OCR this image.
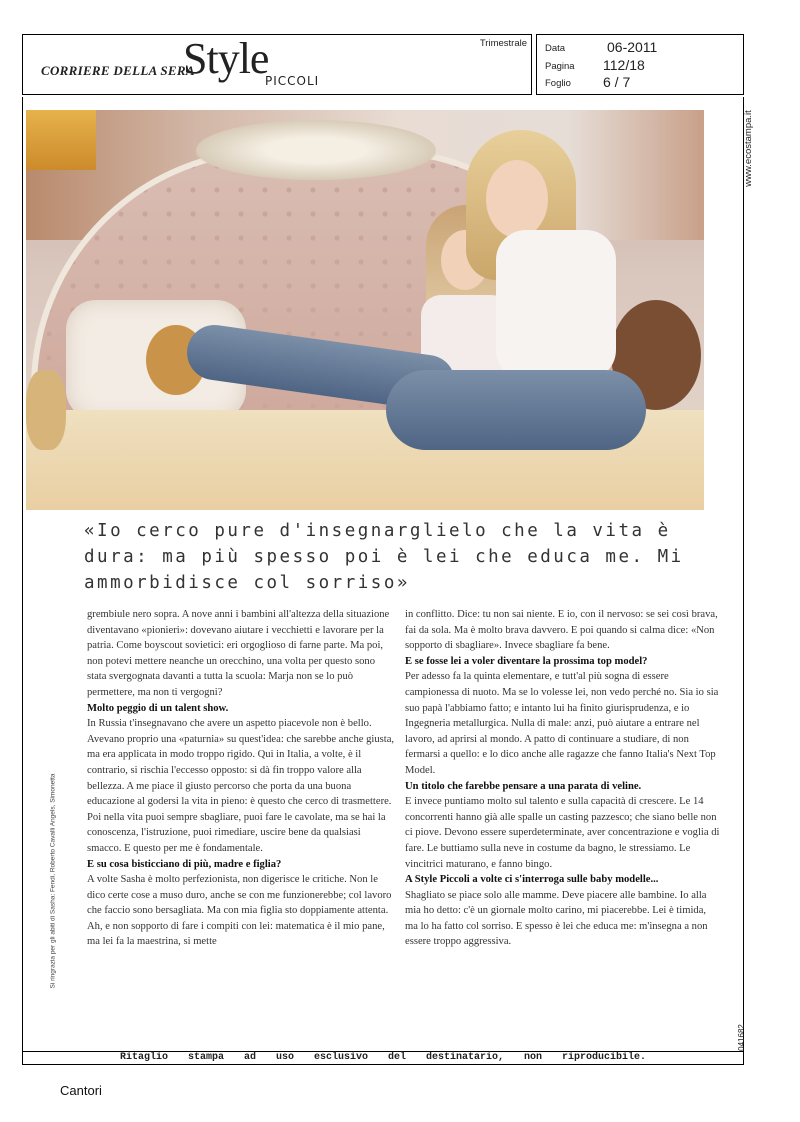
CORRIERE DELLA SERA
Style
PICCOLI
Trimestrale Data	06-2011
Pagina 112/18
Foglio 6 / 7
www.ecostampa.it
041682
«Io cerco pure d'insegnarglielo che la vita è dura: ma più spesso poi è lei che educa me. Mi ammorbidisce col sorriso»
Si ringrazia per gli abiti di Sasha: Fendi, Roberto Cavalli Angels, Simonetta

grembiule nero sopra. A nove anni i bambini all'altezza della situazione diventavano «pionieri»: dovevano aiutare i vecchietti e lavorare per la patria. Come boyscout sovietici: eri orgoglioso di farne parte. Ma poi, non potevi mettere neanche un orecchino, una volta per questo sono stata svergognata davanti a tutta la scuola: Marja non se lo può permettere, ma non ti vergogni?

Molto peggio di un talent show.

In Russia t'insegnavano che avere un aspetto piacevole non è bello. Avevano proprio una «paturnia» su quest'idea: che sarebbe anche giusta, ma era applicata in modo troppo rigido. Qui in Italia, a volte, è il contrario, si rischia l'eccesso opposto: si dà fin troppo valore alla bellezza. A me piace il giusto percorso che porta da una buona educazione al godersi la vita in pieno: è questo che cerco di trasmettere. Poi nella vita puoi sempre sbagliare, puoi fare le cavolate, ma se hai la conoscenza, l'istruzione, puoi rimediare, uscire bene da qualsiasi smacco. E questo per me è fondamentale.

E su cosa bisticciano di più, madre e figlia?

A volte Sasha è molto perfezionista, non digerisce le critiche. Non le dico certe cose a muso duro, anche se con me funzionerebbe; col lavoro che faccio sono bersagliata. Ma con mia figlia sto doppiamente attenta. Ah, e non sopporto di fare i compiti con lei: matematica è il mio pane, ma lei fa la maestrina, si mette

in conflitto. Dice: tu non sai niente. E io, con il nervoso: se sei così brava, fai da sola. Ma è molto brava davvero. E poi quando si calma dice: «Non sopporto di sbagliare». Invece sbagliare fa bene.

E se fosse lei a voler diventare la prossima top model?

Per adesso fa la quinta elementare, e tutt'al più sogna di essere campionessa di nuoto. Ma se lo volesse lei, non vedo perché no. Sia io sia suo papà l'abbiamo fatto; e intanto lui ha finito giurisprudenza, e io Ingegneria metallurgica. Nulla di male: anzi, può aiutare a entrare nel lavoro, ad aprirsi al mondo. A patto di continuare a studiare, di non fermarsi a quello: e lo dico anche alle ragazze che fanno Italia's Next Top Model.

Un titolo che farebbe pensare a una parata di veline.

E invece puntiamo molto sul talento e sulla capacità di crescere. Le 14 concorrenti hanno già alle spalle un casting pazzesco; che siano belle non ci piove. Devono essere superdeterminate, aver concentrazione e voglia di fare. Le buttiamo sulla neve in costume da bagno, le stressiamo. Le vincitrici maturano, e fanno bingo.

A Style Piccoli a volte ci s'interroga sulle baby modelle...

Shagliato se piace solo alle mamme. Deve piacere alle bambine. Io alla mia ho detto: c'è un giornale molto carino, mi piacerebbe. Lei è timida, ma lo ha fatto col sorriso. E spesso è lei che educa me: m'insegna a non essere troppo aggressiva.

Ritaglio stampa ad uso esclusivo del destinatario, non riproducibile.
Cantori
